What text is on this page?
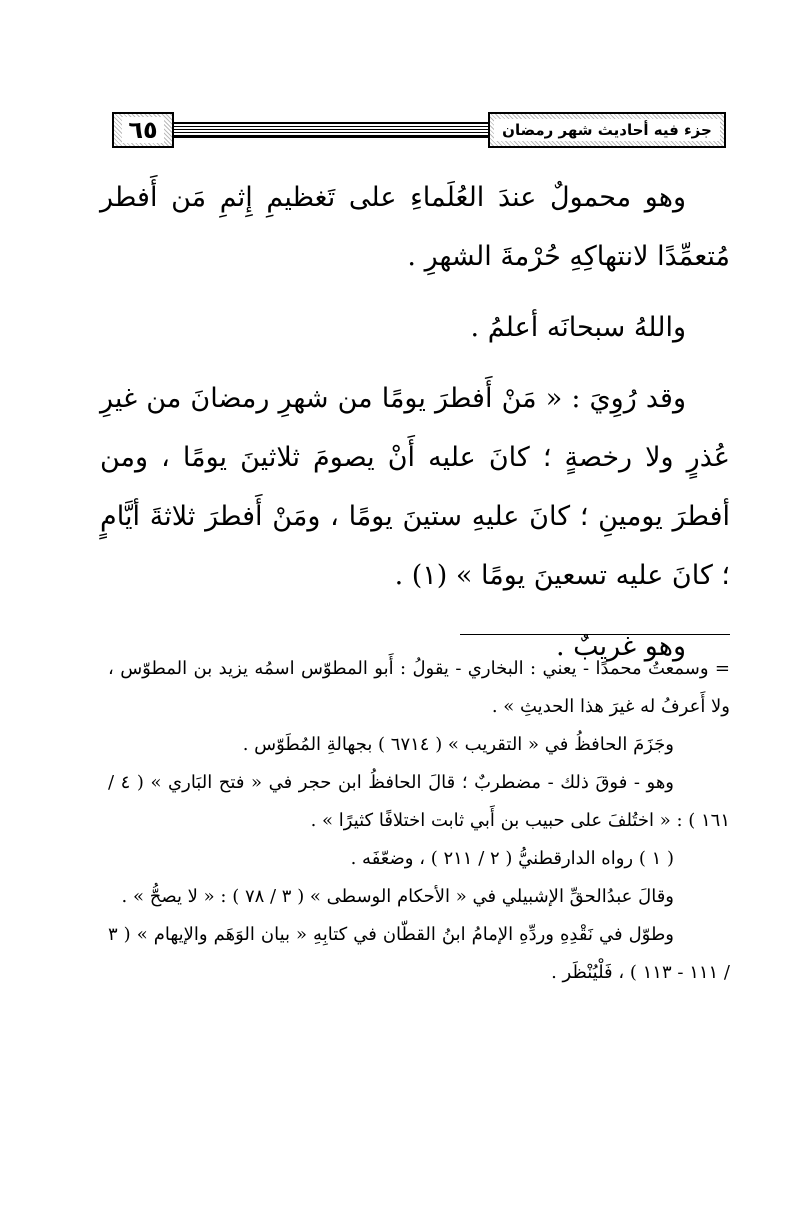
٦٥	جزء فيه أحاديث شهر رمضان

وهو محمولٌ عندَ العُلَماءِ على تَغظيمِ إِثمِ مَن أَفطر مُتعمِّدًا لانتهاكِهِ حُرْمةَ الشهرِ .

واللهُ سبحانَه أعلمُ .

وقد رُوِيَ : « مَنْ أَفطرَ يومًا من شهرِ رمضانَ من غيرِ عُذرٍ ولا رخصةٍ ؛ كانَ عليه أَنْ يصومَ ثلاثينَ يومًا ، ومن أفطرَ يومينِ ؛ كانَ عليهِ ستينَ يومًا ، ومَنْ أَفطرَ ثلاثةَ أيَّامٍ ؛ كانَ عليه تسعينَ يومًا » (١) .

وهو غريبٌ .

= وسمعتُ محمدًا - يعني : البخاري - يقولُ : أَبو المطوّس اسمُه يزيد بن المطوّس ، ولا أَعرفُ له غيرَ هذا الحديثِ » .

وجَزَمَ الحافظُ في « التقريب » ( ٦٧١٤ ) بجهالةِ المُطَوّس .

وهو - فوقَ ذلك - مضطربٌ ؛ قالَ الحافظُ ابن حجر في « فتح البَاري » ( ٤ / ١٦١ ) : « اختُلفَ على حبيب بن أَبي ثابت اختلافًا كثيرًا » .

( ١ ) رواه الدارقطنيُّ ( ٢ / ٢١١ ) ، وضعّفَه .

وقالَ عبدُالحقِّ الإشبيلي في « الأحكام الوسطى » ( ٣ / ٧٨ ) : « لا يصحُّ » .

وطوّل في نَقْدِهِ وردِّهِ الإمامُ ابنُ القطّان في كتابِهِ « بيان الوَهَم والإيهام » ( ٣ / ١١١ - ١١٣ ) ، فَلْيُنْظَر .
